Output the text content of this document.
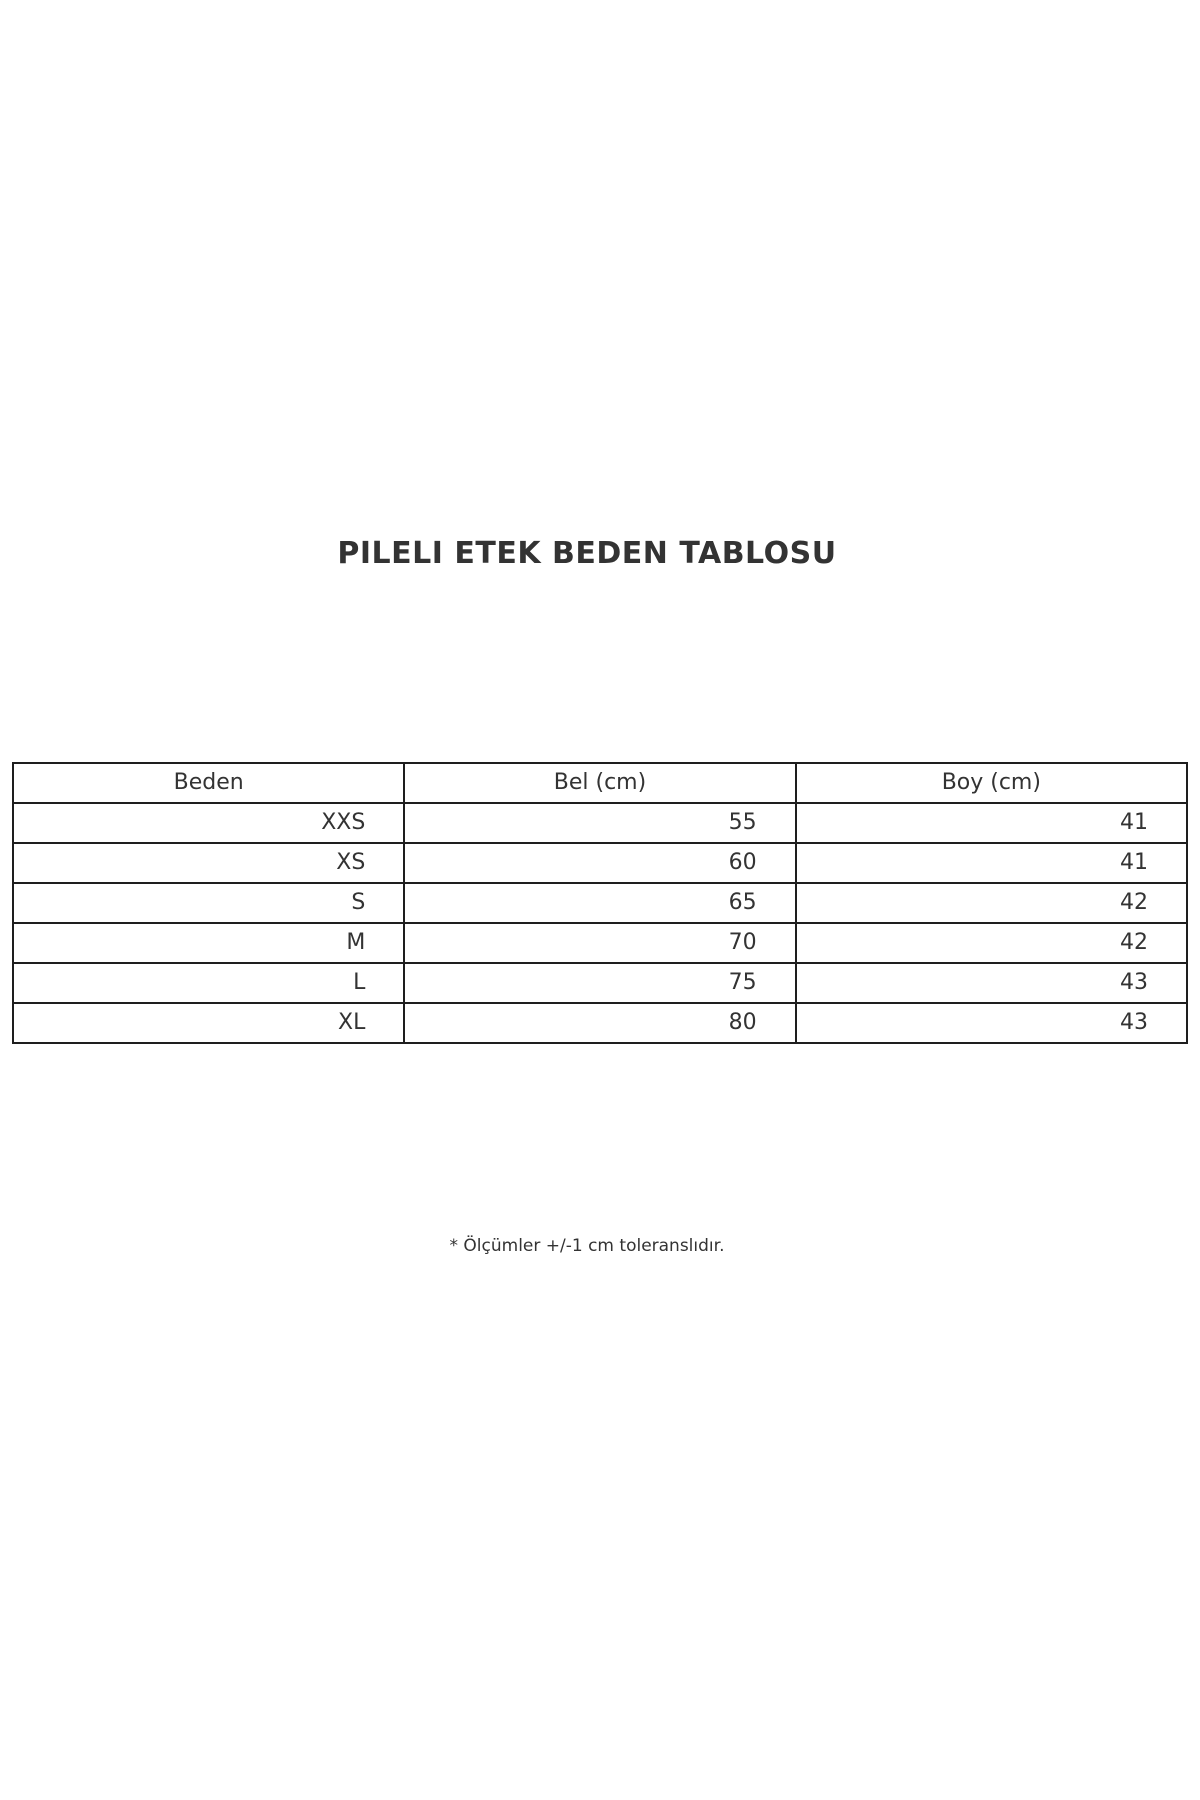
PILELI ETEK BEDEN TABLOSU
Beden	Bel (cm)	Boy (cm)
XXS	55	41
XS	60	41
S	65	42
M	70	42
L	75	43
XL	80	43
* Ölçümler +/-1 cm toleranslıdır.
